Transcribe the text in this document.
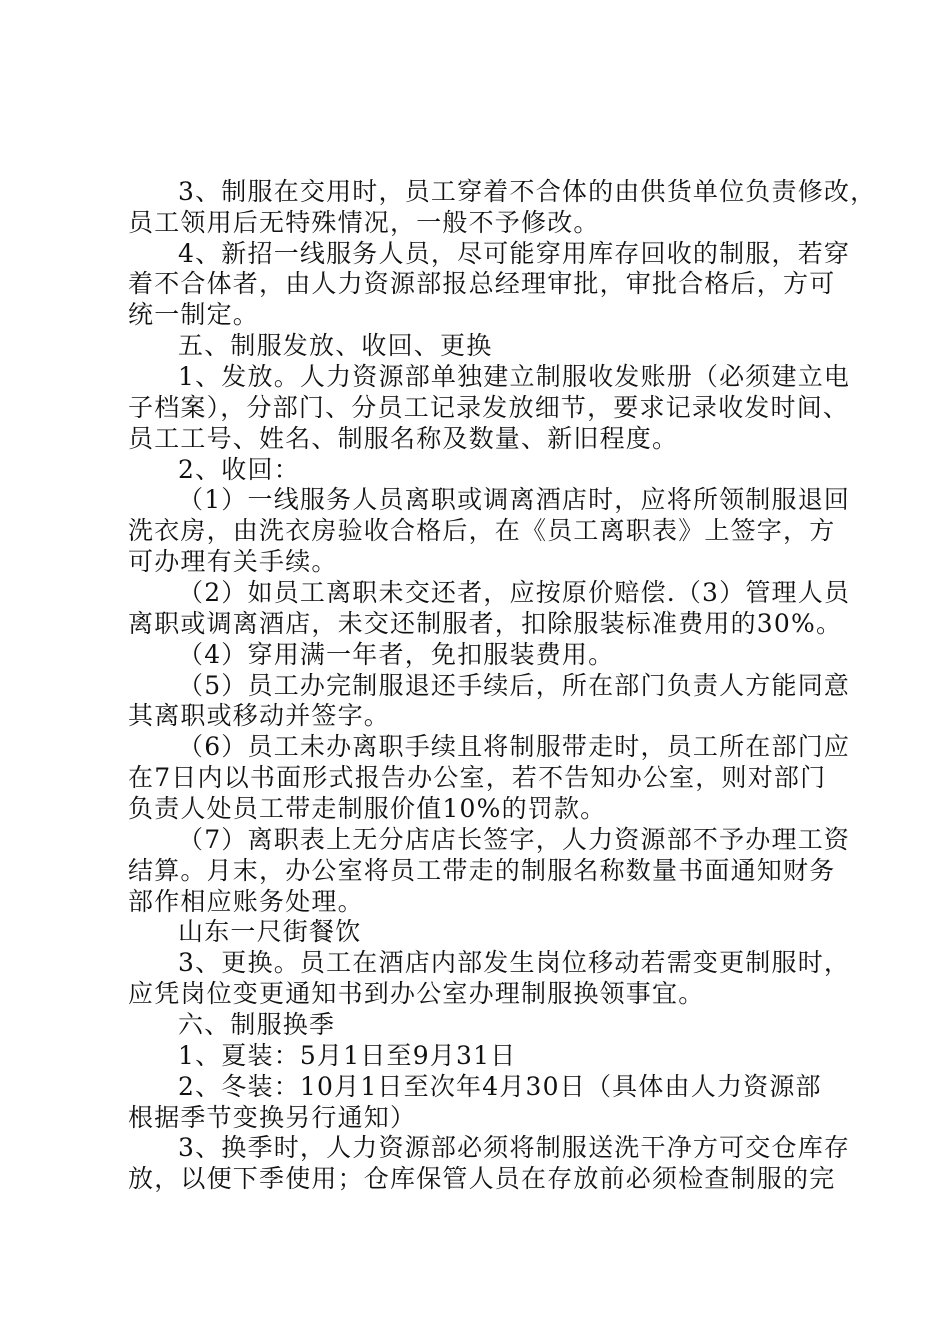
3、制服在交用时，员工穿着不合体的由供货单位负责修改，
员工领用后无特殊情况，一般不予修改。
4、新招一线服务人员，尽可能穿用库存回收的制服，若穿
着不合体者，由人力资源部报总经理审批，审批合格后，方可
统一制定。
五、制服发放、收回、更换
1、发放。人力资源部单独建立制服收发账册（必须建立电
子档案），分部门、分员工记录发放细节，要求记录收发时间、
员工工号、姓名、制服名称及数量、新旧程度。
2、收回：
（1）一线服务人员离职或调离酒店时，应将所领制服退回
洗衣房，由洗衣房验收合格后，在《员工离职表》上签字，方
可办理有关手续。
（2）如员工离职未交还者，应按原价赔偿.（3）管理人员
离职或调离酒店，未交还制服者，扣除服装标准费用的30%。
（4）穿用满一年者，免扣服装费用。
（5）员工办完制服退还手续后，所在部门负责人方能同意
其离职或移动并签字。
（6）员工未办离职手续且将制服带走时，员工所在部门应
在7日内以书面形式报告办公室，若不告知办公室，则对部门
负责人处员工带走制服价值10%的罚款。
（7）离职表上无分店店长签字，人力资源部不予办理工资
结算。月末，办公室将员工带走的制服名称数量书面通知财务
部作相应账务处理。
山东一尺街餐饮
3、更换。员工在酒店内部发生岗位移动若需变更制服时，
应凭岗位变更通知书到办公室办理制服换领事宜。
六、制服换季
1、夏装：5月1日至9月31日
2、冬装：10月1日至次年4月30日（具体由人力资源部
根据季节变换另行通知）
3、换季时，人力资源部必须将制服送洗干净方可交仓库存
放，以便下季使用；仓库保管人员在存放前必须检查制服的完
